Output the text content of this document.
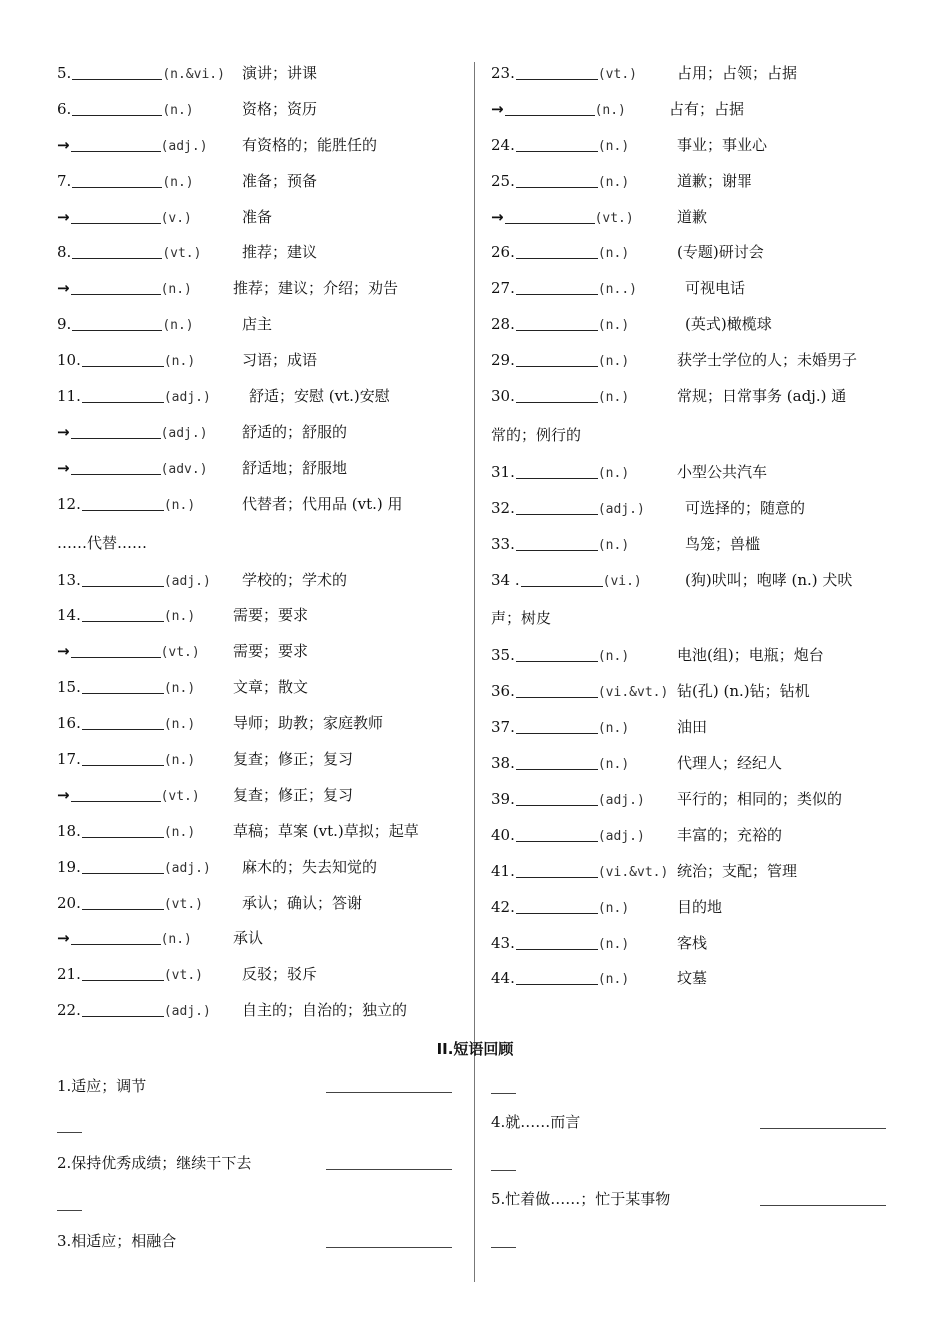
5.	(n.&vi.) 演讲；讲课
6.	(n.)	资格；资历
→	(adj.) 有资格的；能胜任的
7.	(n.)	准备；预备
→	(v.)	准备
8.	(vt.)	推荐；建议
→	(n.)	推荐；建议；介绍；劝告
9.	(n.)	店主
10.	(n.)	习语；成语
11.	(adj.)	舒适；安慰 (vt.)安慰
→	(adj.) 舒适的；舒服的
→	(adv.) 舒适地；舒服地
12.	(n.)	代替者；代用品 (vt.) 用
……代替……
13.	(adj.) 学校的；学术的
14.	(n.)	需要；要求
→	(vt.) 需要；要求
15.	(n.)	文章；散文
16.	(n.)	导师；助教；家庭教师
17.	(n.)	复查；修正；复习
→	(vt.) 复查；修正；复习
18.	(n.)	草稿；草案 (vt.)草拟；起草
19.	(adj.) 麻木的；失去知觉的
20.	(vt.)	承认；确认；答谢
→	(n.)	承认
21.	(vt.)	反驳；驳斥
22.	(adj.) 自主的；自治的；独立的
23.	(vt.)	占用；占领；占据
→	(n.)	占有；占据
24.	(n.)	事业；事业心
25.	(n.)	道歉；谢罪
→	(vt.)	道歉
26.	(n.)	(专题)研讨会
27.	(n..)	可视电话
28.	(n.)	(英式)橄榄球
29.	(n.)	获学士学位的人；未婚男子
30.	(n.)	常规；日常事务 (adj.) 通
常的；例行的
31.	(n.)	小型公共汽车
32.	(adj.)	可选择的；随意的
33.	(n.)	鸟笼；兽槛
34 .	(vi.)	(狗)吠叫；咆哮 (n.) 犬吠
声；树皮
35.	(n.)	电池(组)；电瓶；炮台
36.	(vi.&vt.) 钻(孔) (n.)钻；钻机
37.	(n.)	油田
38.	(n.)	代理人；经纪人
39.	(adj.) 平行的；相同的；类似的
40.	(adj.) 丰富的；充裕的
41.	(vi.&vt.) 统治；支配；管理
42.	(n.)	目的地
43.	(n.)	客栈
44.	(n.)	坟墓
II.短语回顾
1.适应；调节
2.保持优秀成绩；继续干下去
3.相适应；相融合
4.就……而言
5.忙着做……；忙于某事物
